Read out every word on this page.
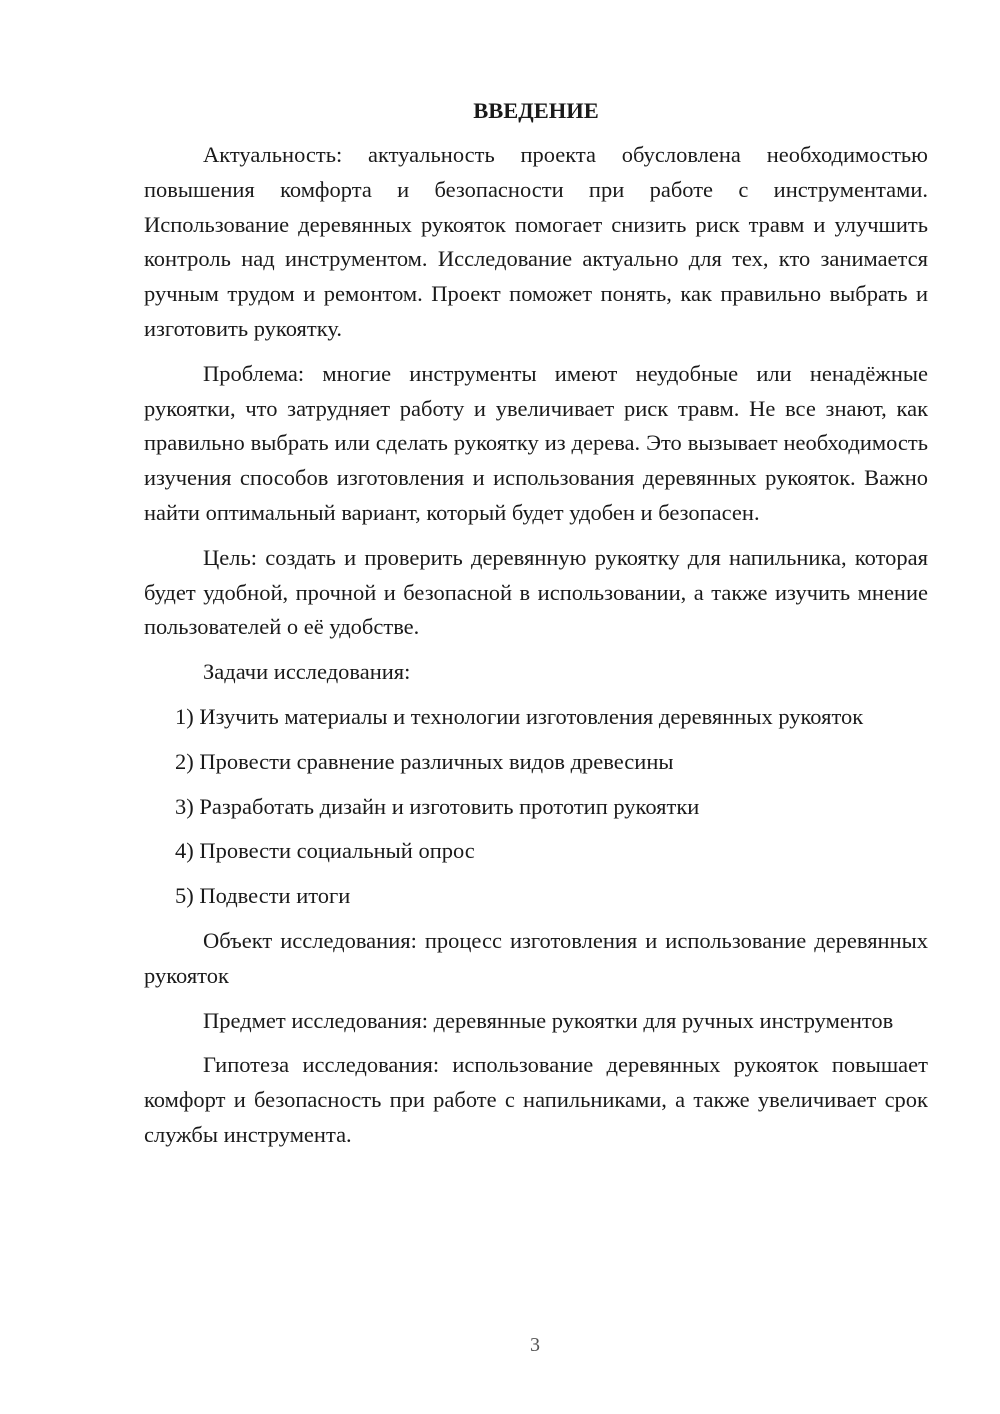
ВВЕДЕНИЕ

Актуальность: актуальность проекта обусловлена необходимостью повышения комфорта и безопасности при работе с инструментами. Использование деревянных рукояток помогает снизить риск травм и улучшить контроль над инструментом. Исследование актуально для тех, кто занимается ручным трудом и ремонтом. Проект поможет понять, как правильно выбрать и изготовить рукоятку.

Проблема: многие инструменты имеют неудобные или ненадёжные рукоятки, что затрудняет работу и увеличивает риск травм. Не все знают, как правильно выбрать или сделать рукоятку из дерева. Это вызывает необходимость изучения способов изготовления и использования деревянных рукояток. Важно найти оптимальный вариант, который будет удобен и безопасен.

Цель: создать и проверить деревянную рукоятку для напильника, которая будет удобной, прочной и безопасной в использовании, а также изучить мнение пользователей о её удобстве.

Задачи исследования:

1) Изучить материалы и технологии изготовления деревянных рукояток
2) Провести сравнение различных видов древесины
3) Разработать дизайн и изготовить прототип рукоятки
4) Провести социальный опрос
5) Подвести итоги

Объект исследования: процесс изготовления и использование деревянных рукояток

Предмет исследования: деревянные рукоятки для ручных инструментов

Гипотеза исследования: использование деревянных рукояток повышает комфорт и безопасность при работе с напильниками, а также увеличивает срок службы инструмента.

3
